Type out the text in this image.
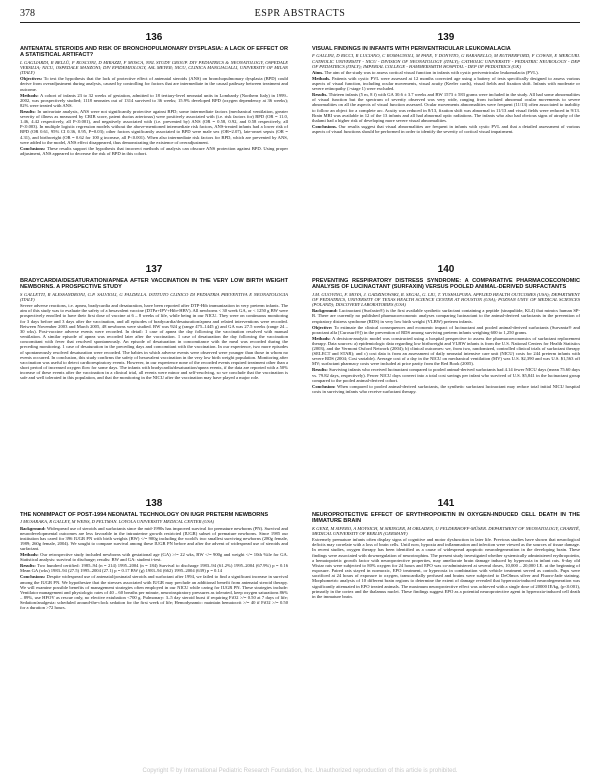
378	ESPR ABSTRACTS
136
ANTENATAL STEROIDS AND RISK OF BRONCHOPULMONARY DYSPLASIA: A LACK OF EFFECT OR A STATISTICAL ARTIFACT?
L GAGLIARDI, R BELLÙ, F RUSCONI, D MIRAZZI, F MOSCA, NNL STUDY GROUP. DIV PEDIATRICS & NEONATOLOGY, OSPEDALE VERSILIA; NICU, OSPEDALE MANZONI; DIV EPIDEMIOLOGY, ASL MEYER; NICU, CLINICA MANGIAGALLI, UNIVERSITY OF MILAN (ITALY)

Objectives: To test the hypothesis that the lack of protective effect of antenatal steroids (ANS) on bronchopulmonary dysplasia (BPD) could derive from overadjustment during analysis, caused by controlling for factors that are intermediate in the causal pathway between treatment and outcome.

Methods: A cohort of infants 23 to 32 weeks of gestation, admitted to 18 tertiary-level neonatal units in Lombardy (Northern Italy) in 1999–2002, was prospectively studied; 1118 neonates out of 1314 survived to 36 weeks; 15.9% developed BPD (oxygen dependency at 36 weeks); 82% were treated with ANS.

Results: In univariate analysis, ANS were not significantly protective against BPD; some intermediate factors (mechanical ventilation, greater severity of illness as measured by CRIB score, patent ductus arteriosus) were positively associated with (i.e. risk factors for) BPD (OR = 11.0, 1.46, 4.42 respectively, all P<0.001), and negatively associated with (i.e. prevented by) ANS (OR = 0.58, 0.92, and 0.58 respectively, all P<0.003). In multiple logistic regression models without the above-mentioned intermediate risk factors, ANS-treated infants had a lower risk of BPD (OR 0.61, 95% CI 0.36, 0.95, P=0.03); other factors significantly associated to BPD were male sex (OR=2.07), late-onset sepsis (OR = 4.31), and birthweight (OR = 0.62 for 100 g increase, all P<0.001). When also intermediate risk factors for BPD, which are prevented by ANS, were added to the model, ANS effect disappeared, thus demonstrating the existence of overadjustment.

Conclusions: These results support the hypothesis that incorrect methods of analysis can obscure ANS protection against BPD. Using proper adjustment, ANS appeared to decrease the risk of BPD in this cohort.

137
BRADYCARDIA/DESATURATION/APNEA AFTER VACCINATION IN THE VERY LOW BIRTH WEIGHT NEWBORNS. A PROSPECTIVE STUDY
S GALLETTI, R ALESSANDRONI, G.P. SALVIOLI, G FALDELLA. ISTITUTO CLINICO DI PEDIATRIA PREVENTIVA E NEONATOLOGIA (ITALY)

Severe adverse reactions, i.e. apnea, bradycardia and desaturation, have been reported after DTP-Hib immunization in very preterm infants. The aim of this study was to evaluate the safety of a hexavalent vaccine (DTPa+IPV+Hib+HBV). All newborns < 30 week GA, or < 1250 g BW were prospectively enrolled to have their first dose of vaccine at 6 – 8 weeks of life, while being in our NICU. They were on continuous monitoring for 3 days before and 3 days after the vaccination, and all episodes of bradycardia/desaturation/apnea and related interventions were recorded. Between November 2003 and March 2005, 48 newborns were studied. BW was 924 g (range 475–1445 g) and GA was 27.5 weeks (range 24 – 30 wks). Post-vaccine adverse events were recorded. In detail: 1 case of apnea the day following the vaccination resolved with manual ventilation. A similar episode of apnea was recorded later after the vaccination. 1 case of desaturation the day following the vaccination concomitant with fever that resolved spontaneously. An episode of desaturation in concomitance with the meal was recorded during the preceding monitoring. 1 case of desaturation in the preceding days and concomitant with the vaccination. In our experience, two more episodes of spontaneously resolved desaturation were recorded. The babies in which adverse events were observed were younger than those in whom no events occurred. In conclusion, this study confirms the safety of hexavalent vaccination in the very low birth weight population. Monitoring after vaccination was useful to detect cardiorespiratory events. However, in our experience none of the recorded events required treatment other than a short period of increased oxygen flow for some days. The infants with bradycardia/desaturation/apnea events, if the data are reported with a 50% increase of these events after the vaccination in a clinical trial, all events were minor and self-resolving, so we conclude that the vaccination is safe and well tolerated in this population, and that the monitoring in the NICU after the vaccination may have played a major role.

138
THE NONIMPACT OF POST-1994 NEONATAL TECHNOLOGY ON IUGR PRETERM NEWBORNS
J MUSARAKA, R GALLEY, M WEISS, D FELTMAN. LOYOLA UNIVERSITY MEDICAL CENTER (USA)

Background: Widespread use of steroids and surfactants since the mid-1990s has improved survival for premature newborns (PN). Survival and neurodevelopmental outcomes are less favorable in the intrauterine growth restricted (IUGR) subset of premature newborns. Since 1985 our institution has cared for 396 IUGR PN with birth weights (BW) </= 900g including the world's two smallest surviving newborns (280g female, 1989; 260g female, 2004). We sought to compare survival among these IUGR PN before and after the advent of widespread use of steroids and surfactant.

Methods: Our retrospective study included newborns with gestational age (GA) >/= 22 wks, BW </= 900g and weight </= 10th %ile for GA. Statistical analysis: survival to discharge; results: BW and GA: student t-test.

Results: Two hundred certified: 1985–94 (n = 214) 1995–2004 (n = 184) Survival to discharge 1983–94 (61.2%) 1995–2004 (67.9%) p = 0.16 Mean GA (wks) 1983–94 (27.5) 1995–2004 (27.1) p = 0.17 BW (g) 1983–94 (662) 1995–2004 (639) p = 0.14

Conclusions: Despite widespread use of antenatal/postnatal steroids and surfactant after 1994, we failed to find a significant increase in survival among the IUGR PN. We hypothesize that the stresses associated with IUGR may preclude an additional benefit from antenatal steroid therapy. We will examine possible benefits of management strategies often employed in our NICU while caring for IUGR PN. These strategies include: Ventilator management and physiologic rates of 40 – 60 breaths per minute, neuroinspiratory pressures as tolerated, keep oxygen saturations 86% – 89%, use HFOV as rescue only, no elective extubation <700 g. Pulmonary: 3–5 day steroid burst if requiring FiO2 >/= 0.50 at 7 days of life; Sedation/analgesia: scheduled around-the-clock sedation for the first week of life; Hemodynamic: maintain hematocrit >/= 40 if FiO2 >/= 0.50 for a duration >72 hours.

139
VISUAL FINDINGS IN INFANTS WITH PERIVENTRICULAR LEUKOMALACIA
F GALLINI, D RICCI, R LUCIANO, C ROMAGNOLI, M PANE, Y DONVITO, G BARANELLO, M RUTHERFORD, F COWAN, E MERCURI. CATHOLIC UNIVERSITY - NICU - DIVISION OF NEONATOLOGY (ITALY); CATHOLIC UNIVERSITY - PEDIATRIC NEUROLOGY - DEP OF PEDIATRICS (ITALY); IMPERIAL COLLEGE - HAMMERSMITH HOSPITAL - DEP OF PEDIATRICS (UK)

Aims. The aim of the study was to assess cortical visual function in infants with cystic periventricular leukomalacia (PVL).

Methods. Patients with cystic PVL were assessed at 12 months corrected age using a battery of tests specifically designed to assess various aspects of visual function, including ocular movements, visual acuity (Keeler cards), visual fields and fixation shift. Infants with moderate or severe retinopathy (>stage 1) were excluded.

Results. Thirteen infants (5 m, 8 f) with GA 30.6 ± 3.7 weeks and BW 1573 ± 583 grams were included in the study. All had some abnormalities of visual function but the spectrum of severity observed was very wide, ranging from isolated abnormal ocular movements to severe abnormalities on all the aspects of visual function assessed. Ocular movements abnormalities were frequent (11/13) often associated to inability to follow an object for a complete arc. Acuity was reduced in 8/13, fixation shift was abnormal in 11/13 and visual fields were reduced in 9/13. Brain MRI was available in 12 of the 13 infants and all had abnormal optic radiations. The infants who also had obvious signs of atrophy of the thalami had a higher risk of developing more severe visual abnormalities.

Conclusions. Our results suggest that visual abnormalities are frequent in infants with cystic PVL and that a detailed assessment of various aspects of visual functions should be performed in order to identify the severity of cortical visual impairment.

140
PREVENTING RESPIRATORY DISTRESS SYNDROME: A COMPARATIVE PHARMACOECONOMIC ANALYSIS OF LUCINACTANT (SURFAXIN) VERSUS POOLED ANIMAL-DERIVED SURFACTANTS
J.M. GUOVING, F. MOYA, J. GADZINOWSKI, R. SEGAL, G. LIU, T. YUSHALPURA. APPLIED HEALTH OUTCOMES (USA); DEPARTMENT OF PEDIATRICS, UNIVERSITY OF TEXAS HEALTH SCIENCE CENTER AT HOUSTON (USA); POZNAN UNIV. OF MEDICAL SCIENCES (POLAND); DISCOVERY LABORATORIES (USA)

Background: Lucinactant (Surfaxin®) is the first available synthetic surfactant containing a peptide (sinapultide, KL4) that mimics human SP-B. There are currently no published pharmacoeconomic analyses comparing lucinactant to the animal-derived surfactants in the prevention of respiratory distress syndrome (RDS) in very low birth weight (VLBW) preterm infants.

Objective: To estimate the clinical consequences and economic impact of lucinactant and pooled animal-derived surfactants (Survanta® and poractant alfa [Curosurf®]) in the prevention of RDS among surviving preterm infants weighing 600 to 1,250 grams.

Methods: A decision-analytic model was constructed using a hospital perspective to assess the pharmacoeconomics of surfactant replacement therapy. Data sources: a) epidemiologic data regarding low birthweight and VLBW infants is from the U.S. National Centers for Health Statistics (2003), and the Vermont Oxford Network (2004); b) clinical outcomes: we, from two, randomized, controlled clinical trials of surfactant therapy (SELECT and STAR); and c) cost data is from an assessment of daily neonatal intensive care unit (NICU) costs for 244 preterm infants with severe RDS (2004; Cost variable). Average cost of a day in the NICU on mechanical ventilation (MV) was U.S. $2,390 and was U.S. $1,563 off MV; surfactant pharmacy costs were included at price parity from the Red Book (2005).

Results: Surviving infants who received lucinactant compared to pooled animal-derived surfactants had 4.14 fewer NICU days (mean 75.60 days vs. 79.82 days, respectively). Fewer NICU days convert into a total cost savings per infant who survived of U.S. $5,841 in the lucinactant group compared to the pooled animal-derived cohort.

Conclusion: When compared to pooled animal-derived surfactants, the synthetic surfactant lucinactant may reduce total initial NICU hospital costs in surviving infants who receive surfactant therapy.

141
NEUROPROTECTIVE EFFECT OF ERYTHROPOIETIN IN OXYGEN-INDUCED CELL DEATH IN THE IMMATURE BRAIN
K GENZ, M SIFERO, A MOYSICH, M SIRINGER, M OBLADEN, U FELDERHOFF-MÜSER. DEPARTMENT OF NEONATOLOGY, CHARITÉ, MEDICAL UNIVERSITY OF BERLIN (GERMANY)

Extremely premature infants often display signs of cognitive and motor dysfunction in later life. Previous studies have shown that neurological deficits may correlate with a loss of brain cells. Until now, hypoxia and inflammation and infection were viewed as the sources of tissue damage. In recent studies, oxygen therapy has been identified as a cause of widespread apoptotic neurodegeneration in the developing brain. These findings were associated with downregulation of neurotrophins. The present study investigated whether systemically administered erythropoietin, a hematopoietic growth factor with neuroprotective properties, may ameliorate brain damage induced by hyperoxia in infant rats. 6-day old Wistar rats were subjected to 80% oxygen for 24 hours and EPO was co-administered at several doses, 10,000 – 20,000 I.E. at the beginning of exposure. Paired rats stayed in normoxic, EPO treatment, or hyperoxia in combination with vehicle treatment served as controls. Pups were sacrificed at 24 hours of exposure to oxygen, transcardially perfused and brains were subjected to DeOlmos silver and Fluoro-Jade staining. Morphometric analysis of 10 different brain regions to determine the extent of damage revealed that hyperoxia-induced neurodegeneration was significantly attenuated in EPO treated animals. The maximum neuroprotective effect was achieved with a single dose of 20000 IE/kg, (p<0.001), primarily in the cortex and the thalamus nuclei. These findings suggest EPO as a potential neuroprotective agent in hyperoxia-induced cell death in the immature brain.

Copyright © by International Pediatric Research Foundation, Inc. Unauthorized reproduction of this article is prohibited.
